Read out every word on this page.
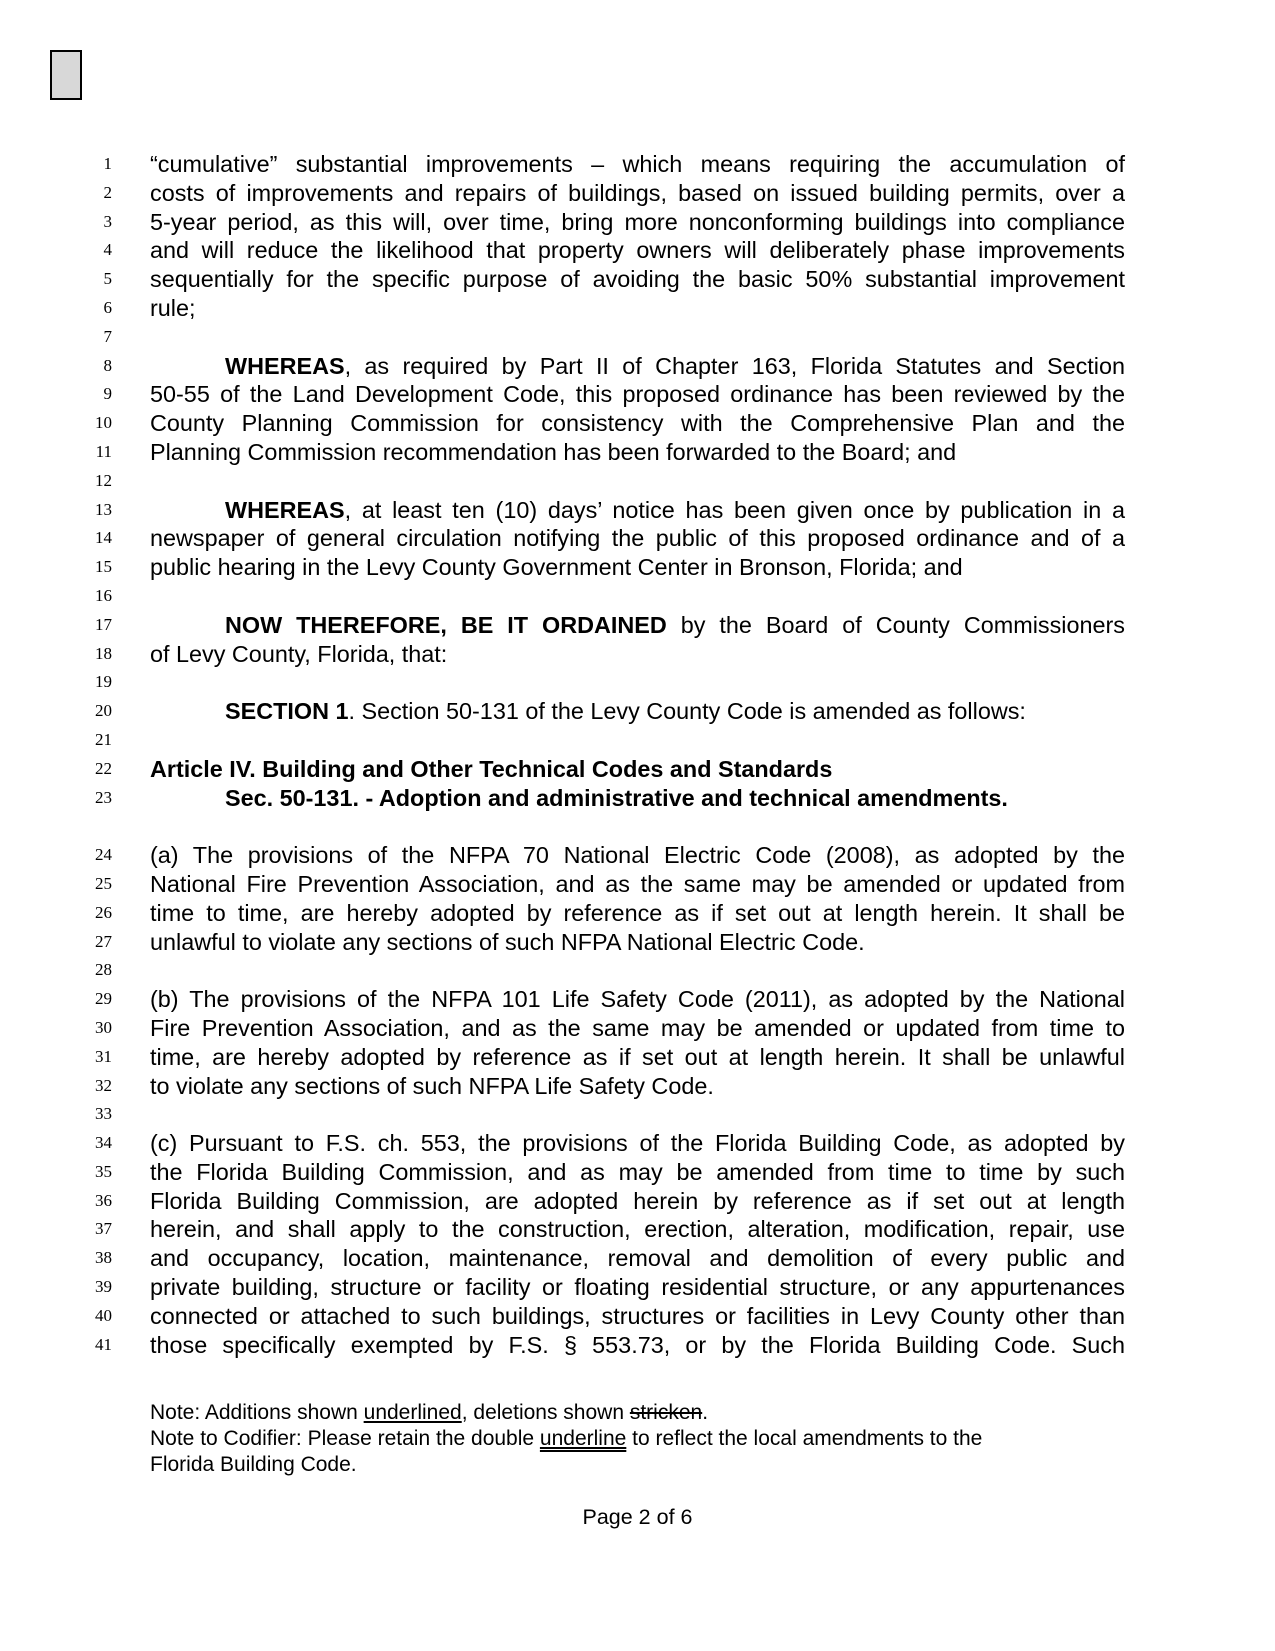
1 “cumulative” substantial improvements – which means requiring the accumulation of
2 costs of improvements and repairs of buildings, based on issued building permits, over a
3 5-year period, as this will, over time, bring more nonconforming buildings into compliance
4 and will reduce the likelihood that property owners will deliberately phase improvements
5 sequentially for the specific purpose of avoiding the basic 50% substantial improvement
6 rule;
7
8	WHEREAS, as required by Part II of Chapter 163, Florida Statutes and Section
9 50-55 of the Land Development Code, this proposed ordinance has been reviewed by the
10 County Planning Commission for consistency with the Comprehensive Plan and the
11 Planning Commission recommendation has been forwarded to the Board; and
12
13	WHEREAS, at least ten (10) days’ notice has been given once by publication in a
14 newspaper of general circulation notifying the public of this proposed ordinance and of a
15 public hearing in the Levy County Government Center in Bronson, Florida; and
16
17	NOW THEREFORE, BE IT ORDAINED by the Board of County Commissioners
18 of Levy County, Florida, that:
19
20	SECTION 1. Section 50-131 of the Levy County Code is amended as follows:
21
22 Article IV. Building and Other Technical Codes and Standards
23	Sec. 50-131. - Adoption and administrative and technical amendments.
24 (a) The provisions of the NFPA 70 National Electric Code (2008), as adopted by the
25 National Fire Prevention Association, and as the same may be amended or updated from
26 time to time, are hereby adopted by reference as if set out at length herein. It shall be
27 unlawful to violate any sections of such NFPA National Electric Code.
28
29 (b) The provisions of the NFPA 101 Life Safety Code (2011), as adopted by the National
30 Fire Prevention Association, and as the same may be amended or updated from time to
31 time, are hereby adopted by reference as if set out at length herein. It shall be unlawful
32 to violate any sections of such NFPA Life Safety Code.
33
34 (c) Pursuant to F.S. ch. 553, the provisions of the Florida Building Code, as adopted by
35 the Florida Building Commission, and as may be amended from time to time by such
36 Florida Building Commission, are adopted herein by reference as if set out at length
37 herein, and shall apply to the construction, erection, alteration, modification, repair, use
38 and occupancy, location, maintenance, removal and demolition of every public and
39 private building, structure or facility or floating residential structure, or any appurtenances
40 connected or attached to such buildings, structures or facilities in Levy County other than
41 those specifically exempted by F.S. § 553.73, or by the Florida Building Code. Such
Note: Additions shown underlined, deletions shown stricken.
Note to Codifier: Please retain the double underline to reflect the local amendments to the
Florida Building Code.
Page 2 of 6
